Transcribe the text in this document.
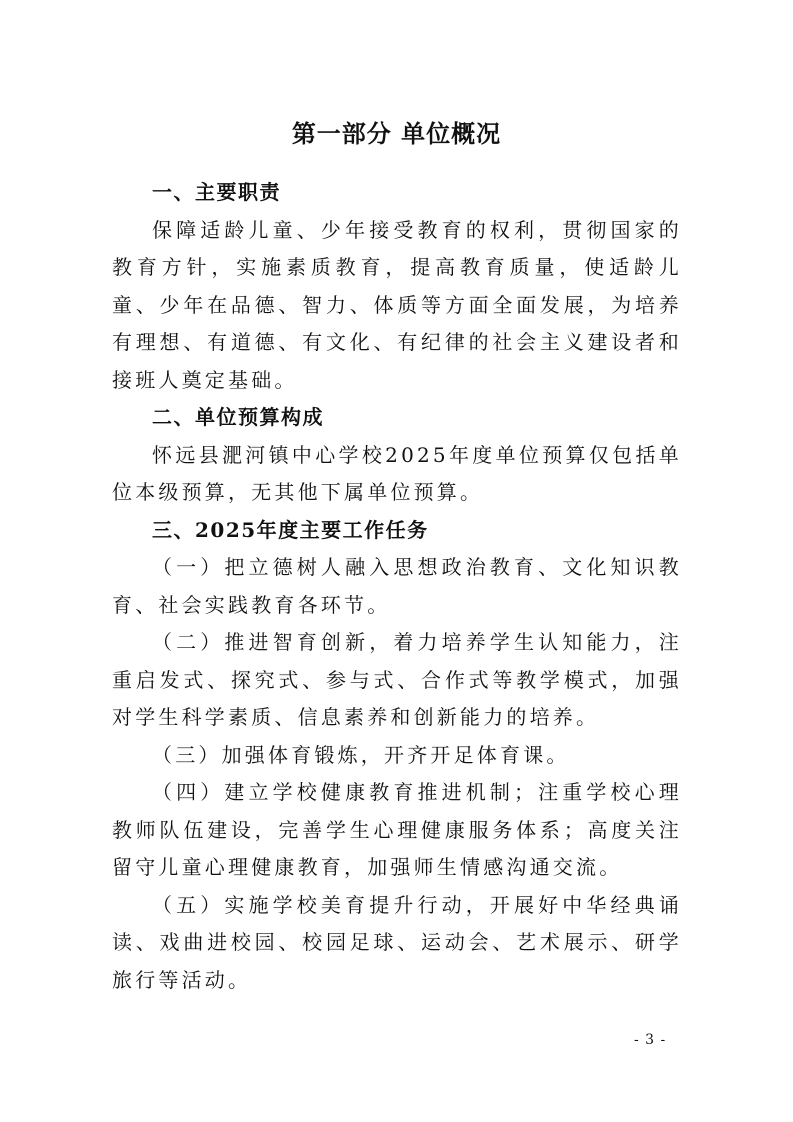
第一部分 单位概况
一、主要职责

保障适龄儿童、少年接受教育的权利，贯彻国家的教育方针，实施素质教育，提高教育质量，使适龄儿童、少年在品德、智力、体质等方面全面发展，为培养有理想、有道德、有文化、有纪律的社会主义建设者和接班人奠定基础。

二、单位预算构成

怀远县淝河镇中心学校2025年度单位预算仅包括单位本级预算，无其他下属单位预算。

三、2025年度主要工作任务

（一）把立德树人融入思想政治教育、文化知识教育、社会实践教育各环节。

（二）推进智育创新，着力培养学生认知能力，注重启发式、探究式、参与式、合作式等教学模式，加强对学生科学素质、信息素养和创新能力的培养。

（三）加强体育锻炼，开齐开足体育课。

（四）建立学校健康教育推进机制；注重学校心理教师队伍建设，完善学生心理健康服务体系；高度关注留守儿童心理健康教育，加强师生情感沟通交流。

（五）实施学校美育提升行动，开展好中华经典诵读、戏曲进校园、校园足球、运动会、艺术展示、研学旅行等活动。

- 3 -
